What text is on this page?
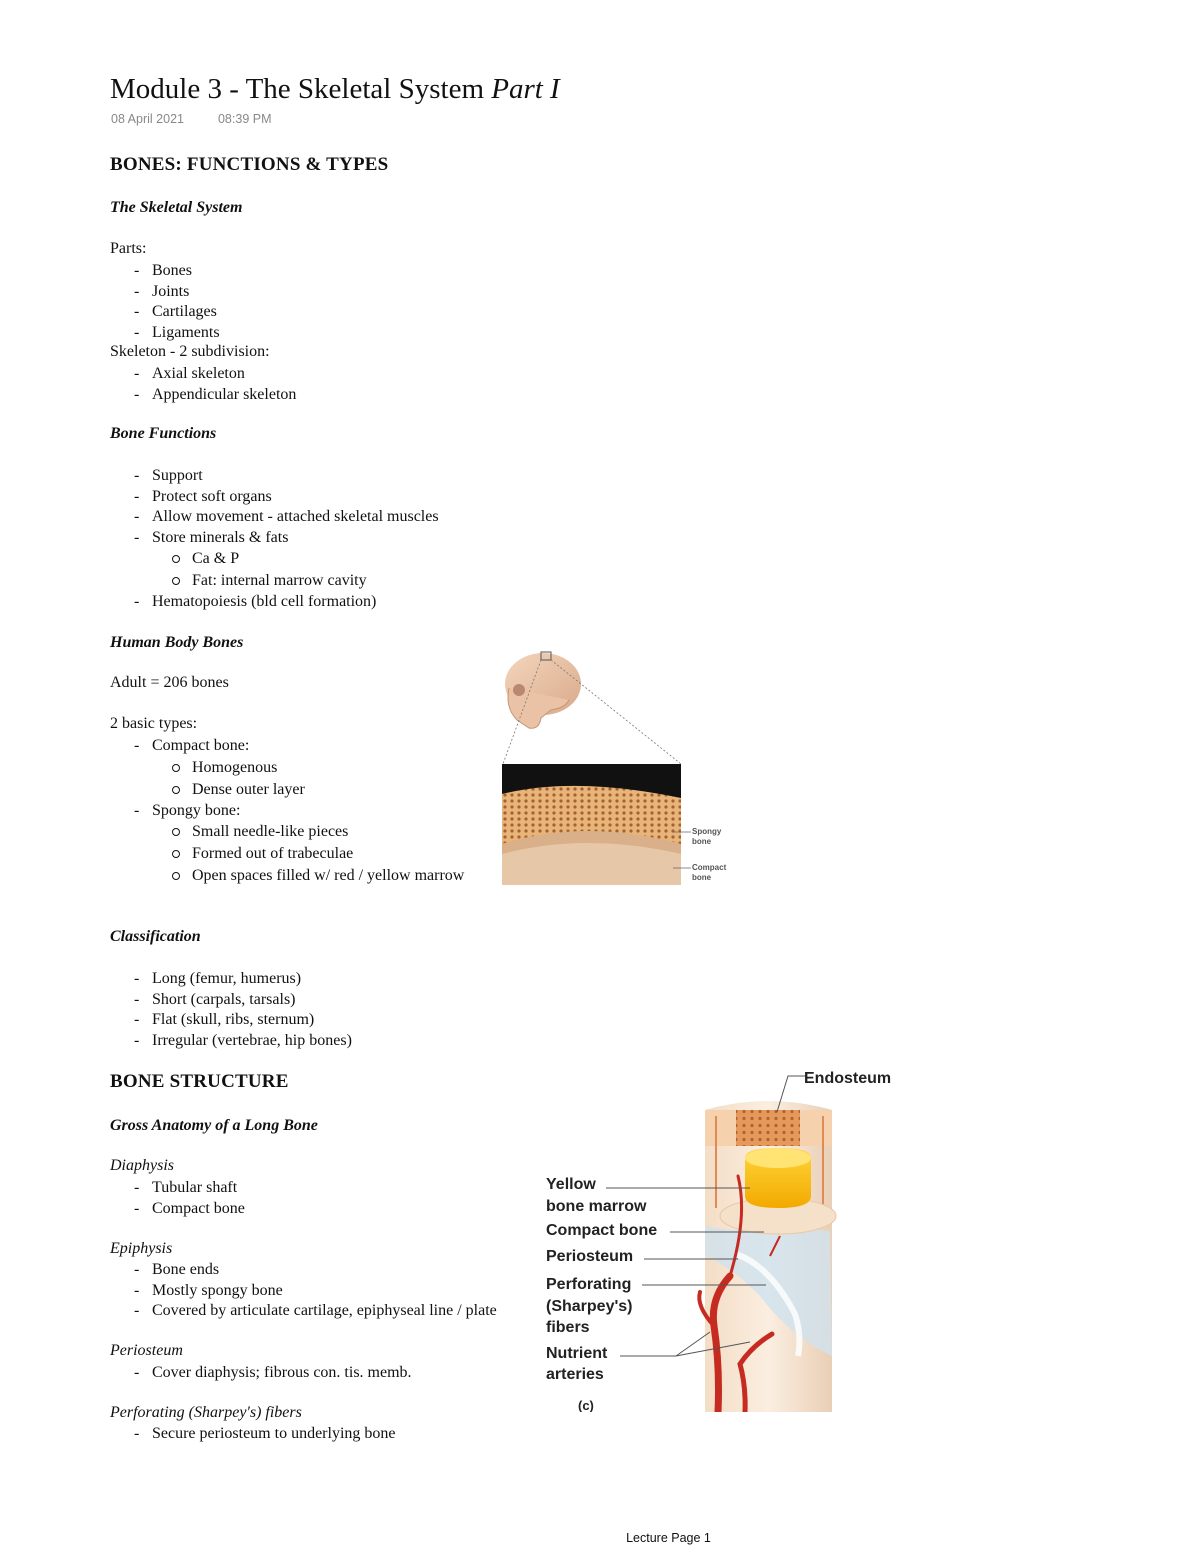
Module 3 - The Skeletal System Part I
08 April 2021	08:39 PM
BONES: FUNCTIONS & TYPES
The Skeletal System
Parts:
- Bones
- Joints
- Cartilages
- Ligaments
Skeleton - 2 subdivision:
- Axial skeleton
- Appendicular skeleton
Bone Functions
- Support
- Protect soft organs
- Allow movement - attached skeletal muscles
- Store minerals & fats
Ca & P
Fat: internal marrow cavity
- Hematopoiesis (bld cell formation)
Human Body Bones
Adult = 206 bones
2 basic types:
- Compact bone:
Homogenous
Dense outer layer
- Spongy bone:
Small needle-like pieces
Formed out of trabeculae
Open spaces filled w/ red / yellow marrow
Spongy bone
Compact bone
Classification
- Long (femur, humerus)
- Short (carpals, tarsals)
- Flat (skull, ribs, sternum)
- Irregular (vertebrae, hip bones)
BONE STRUCTURE
Gross Anatomy of a Long Bone
Diaphysis
- Tubular shaft
- Compact bone
Epiphysis
- Bone ends
- Mostly spongy bone
- Covered by articulate cartilage, epiphyseal line / plate
Periosteum
- Cover diaphysis; fibrous con. tis. memb.
Perforating (Sharpey's) fibers
- Secure periosteum to underlying bone
Endosteum
Yellow
bone marrow
Compact bone
Periosteum
Perforating
(Sharpey's)
fibers
Nutrient
arteries
(c)
Lecture Page 1
